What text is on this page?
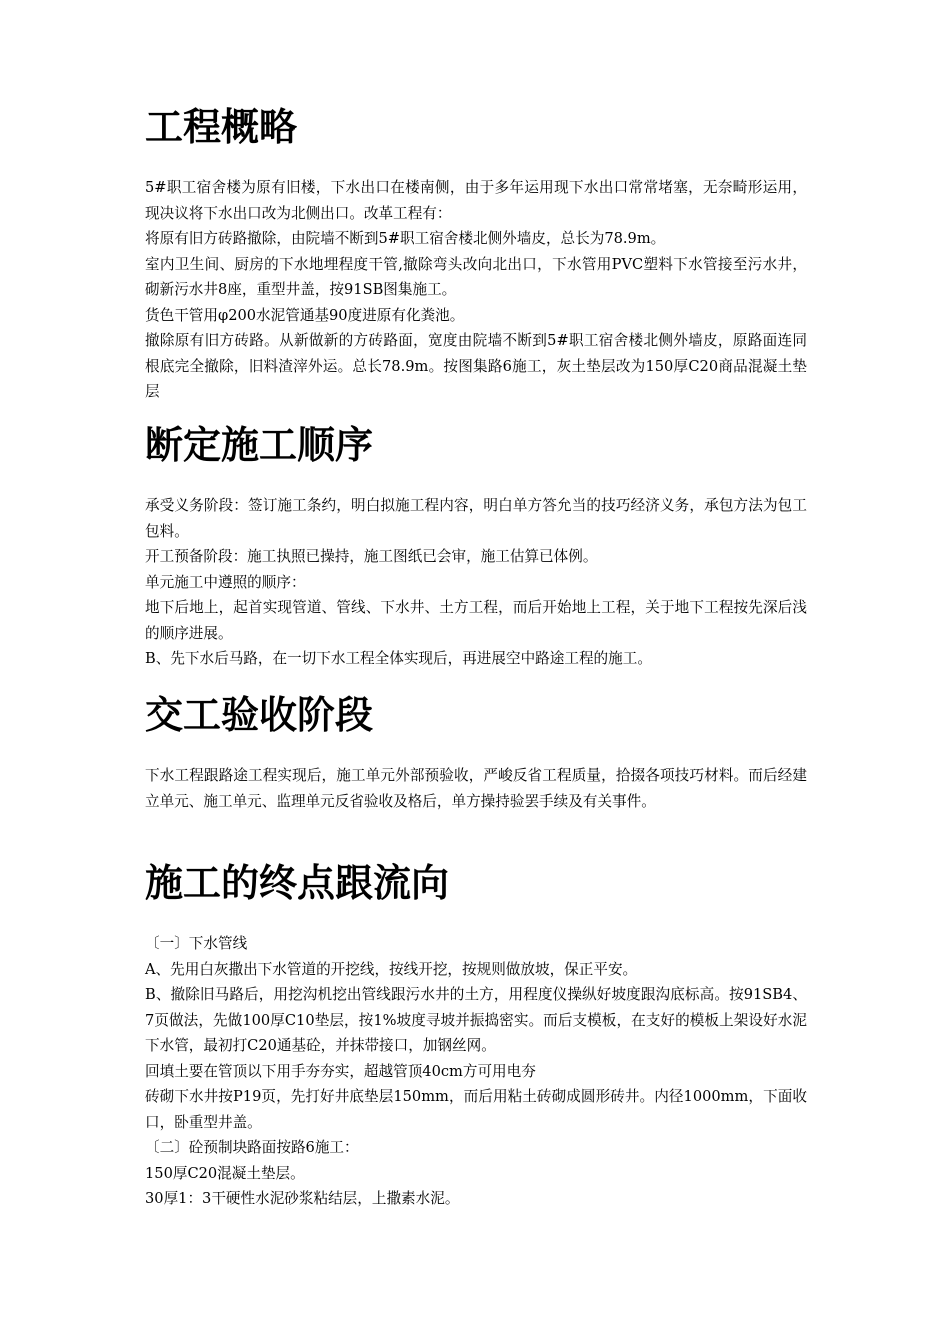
工程概略

5#职工宿舍楼为原有旧楼，下水出口在楼南侧，由于多年运用现下水出口常常堵塞，无奈畸形运用，现决议将下水出口改为北侧出口。改革工程有：

将原有旧方砖路撤除，由院墙不断到5#职工宿舍楼北侧外墙皮，总长为78.9m。

室内卫生间、厨房的下水地埋程度干管,撤除弯头改向北出口，下水管用PVC塑料下水管接至污水井，砌新污水井8座，重型井盖，按91SB图集施工。

货色干管用φ200水泥管通基90度进原有化粪池。

撤除原有旧方砖路。从新做新的方砖路面，宽度由院墙不断到5#职工宿舍楼北侧外墙皮，原路面连同根底完全撤除，旧料渣滓外运。总长78.9m。按图集路6施工，灰土垫层改为150厚C20商品混凝土垫层

断定施工顺序

承受义务阶段：签订施工条约，明白拟施工程内容，明白单方答允当的技巧经济义务，承包方法为包工包料。

开工预备阶段：施工执照已操持，施工图纸已会审，施工估算已体例。

单元施工中遵照的顺序：

地下后地上，起首实现管道、管线、下水井、土方工程，而后开始地上工程，关于地下工程按先深后浅的顺序进展。

B、先下水后马路，在一切下水工程全体实现后，再进展空中路途工程的施工。

交工验收阶段

下水工程跟路途工程实现后，施工单元外部预验收，严峻反省工程质量，拾掇各项技巧材料。而后经建立单元、施工单元、监理单元反省验收及格后，单方操持验罢手续及有关事件。

施工的终点跟流向

〔一〕下水管线

A、先用白灰撒出下水管道的开挖线，按线开挖，按规则做放坡，保正平安。

B、撤除旧马路后，用挖沟机挖出管线跟污水井的土方，用程度仪操纵好坡度跟沟底标高。按91SB4、7页做法，先做100厚C10垫层，按1%坡度寻坡并振捣密实。而后支模板，在支好的模板上架设好水泥下水管，最初打C20通基砼，并抹带接口，加钢丝网。

回填土要在管顶以下用手夯夯实，超越管顶40cm方可用电夯

砖砌下水井按P19页，先打好井底垫层150mm，而后用粘土砖砌成圆形砖井。内径1000mm，下面收口，卧重型井盖。

〔二〕砼预制块路面按路6施工：

150厚C20混凝土垫层。

30厚1：3干硬性水泥砂浆粘结层，上撒素水泥。
